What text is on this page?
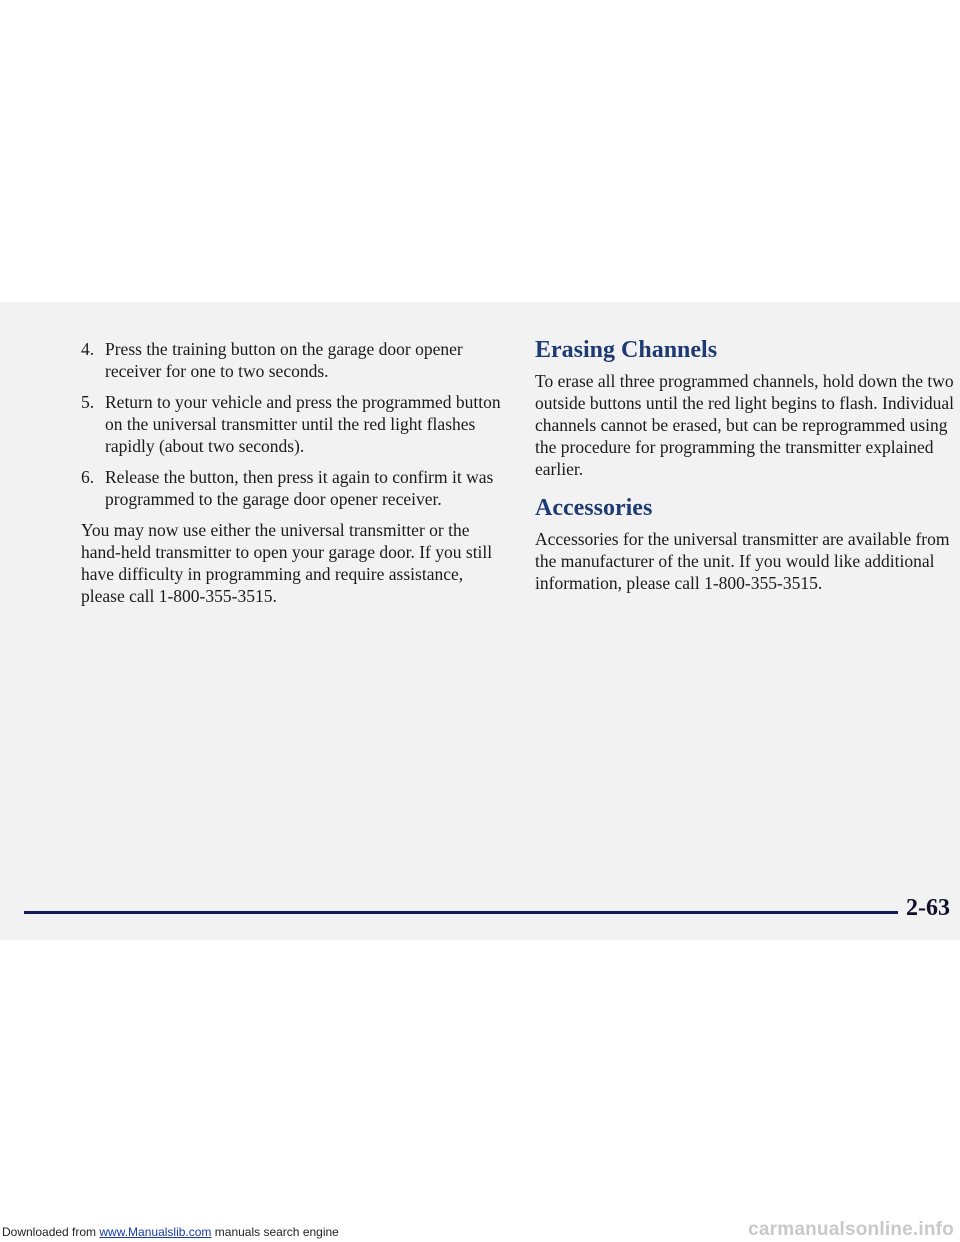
4. Press the training button on the garage door opener receiver for one to two seconds.
5. Return to your vehicle and press the programmed button on the universal transmitter until the red light flashes rapidly (about two seconds).
6. Release the button, then press it again to confirm it was programmed to the garage door opener receiver.

You may now use either the universal transmitter or the hand-held transmitter to open your garage door. If you still have difficulty in programming and require assistance, please call 1-800-355-3515.

Erasing Channels

To erase all three programmed channels, hold down the two outside buttons until the red light begins to flash. Individual channels cannot be erased, but can be reprogrammed using the procedure for programming the transmitter explained earlier.

Accessories

Accessories for the universal transmitter are available from the manufacturer of the unit. If you would like additional information, please call 1-800-355-3515.

2-63
Downloaded from www.Manualslib.com manuals search engine	carmanualsonline.info
